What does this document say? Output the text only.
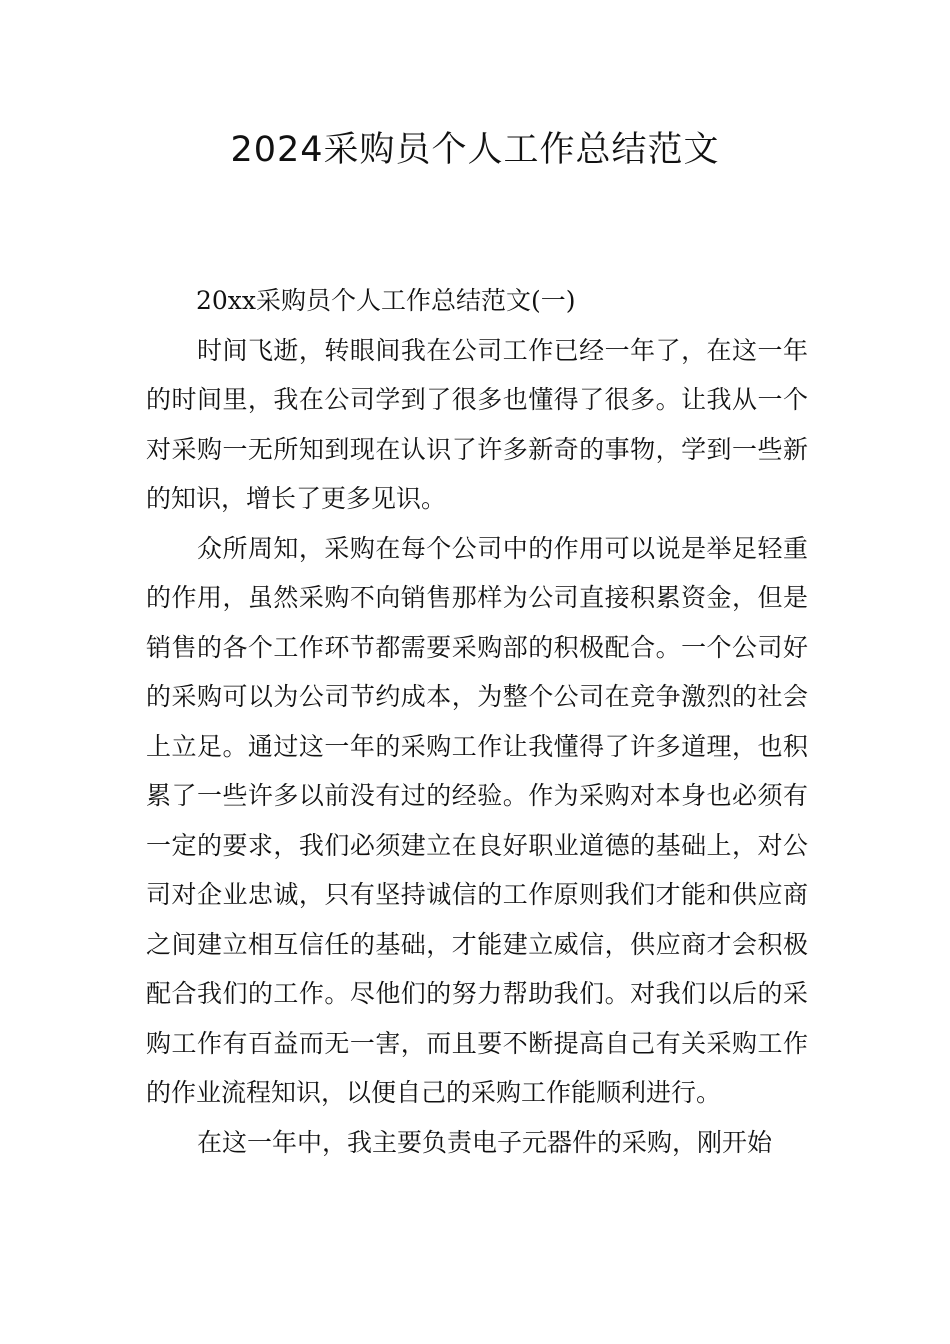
2024采购员个人工作总结范文

20xx采购员个人工作总结范文(一)

时间飞逝，转眼间我在公司工作已经一年了，在这一年的时间里，我在公司学到了很多也懂得了很多。让我从一个对采购一无所知到现在认识了许多新奇的事物，学到一些新的知识，增长了更多见识。

众所周知，采购在每个公司中的作用可以说是举足轻重的作用，虽然采购不向销售那样为公司直接积累资金，但是销售的各个工作环节都需要采购部的积极配合。一个公司好的采购可以为公司节约成本，为整个公司在竞争激烈的社会上立足。通过这一年的采购工作让我懂得了许多道理，也积累了一些许多以前没有过的经验。作为采购对本身也必须有一定的要求，我们必须建立在良好职业道德的基础上，对公司对企业忠诚，只有坚持诚信的工作原则我们才能和供应商之间建立相互信任的基础，才能建立威信，供应商才会积极配合我们的工作。尽他们的努力帮助我们。对我们以后的采购工作有百益而无一害，而且要不断提高自己有关采购工作的作业流程知识，以便自己的采购工作能顺利进行。

在这一年中，我主要负责电子元器件的采购，刚开始
